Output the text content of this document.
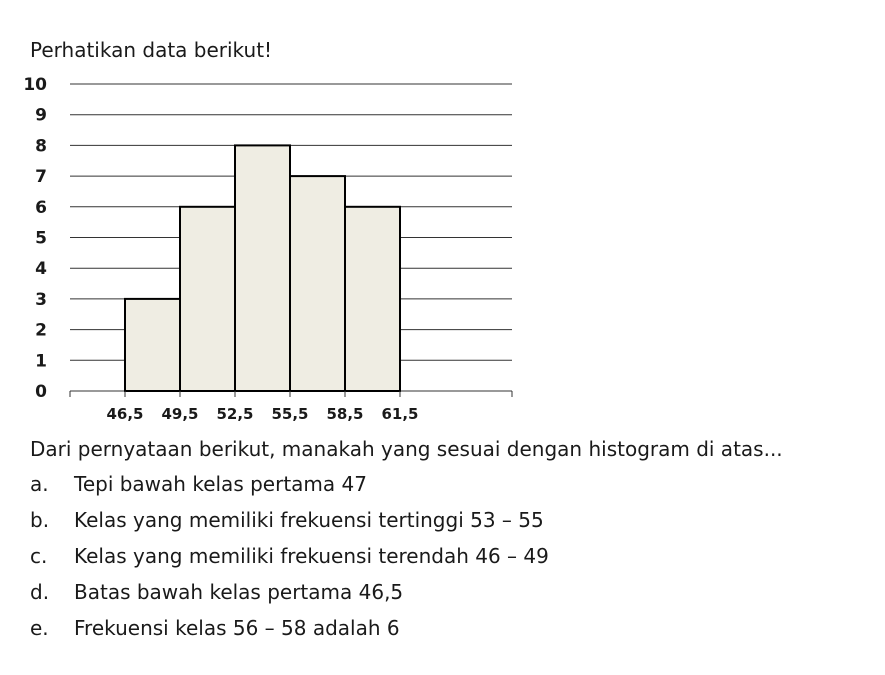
Perhatikan data berikut!
0
1
2
3
4
5
6
7
8
9
10
46,5 49,5 52,5 55,5 58,5 61,5
Dari pernyataan berikut, manakah yang sesuai dengan histogram di atas...
a.	Tepi bawah kelas pertama 47
b.	Kelas yang memiliki frekuensi tertinggi 53 – 55
c.	Kelas yang memiliki frekuensi terendah 46 – 49
d.	Batas bawah kelas pertama 46,5
e.	Frekuensi kelas 56 – 58 adalah 6
